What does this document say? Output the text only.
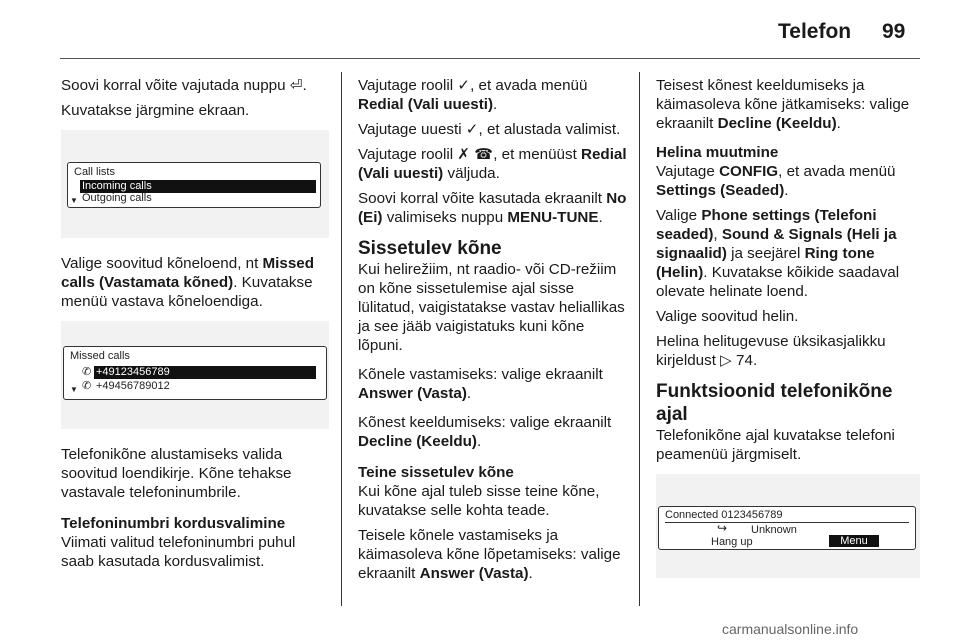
Telefon 99

Soovi korral võite vajutada nuppu ⏎.

Kuvatakse järgmine ekraan.

Call lists
Incoming calls
▼ Outgoing calls

Valige soovitud kõneloend, nt Missed calls (Vastamata kõned). Kuvatakse menüü vastava kõneloendiga.

Missed calls
✆ +49123456789
▼ ✆ +49456789012

Telefonikõne alustamiseks valida soovitud loendikirje. Kõne tehakse vastavale telefoninumbrile.

Telefoninumbri kordusvalimine

Viimati valitud telefoninumbri puhul saab kasutada kordusvalimist.

Vajutage roolil ✓, et avada menüü Redial (Vali uuesti).

Vajutage uuesti ✓, et alustada valimist.

Vajutage roolil ✗ ☎, et menüüst Redial (Vali uuesti) väljuda.

Soovi korral võite kasutada ekraanilt No (Ei) valimiseks nuppu MENU-TUNE.

Sissetulev kõne

Kui helirežiim, nt raadio- või CD-režiim on kõne sissetulemise ajal sisse lülitatud, vaigistatakse vastav heliallikas ja see jääb vaigistatuks kuni kõne lõpuni.

Kõnele vastamiseks: valige ekraanilt Answer (Vasta).

Kõnest keeldumiseks: valige ekraanilt Decline (Keeldu).

Teine sissetulev kõne

Kui kõne ajal tuleb sisse teine kõne, kuvatakse selle kohta teade.

Teisele kõnele vastamiseks ja käimasoleva kõne lõpetamiseks: valige ekraanilt Answer (Vasta).

Teisest kõnest keeldumiseks ja käimasoleva kõne jätkamiseks: valige ekraanilt Decline (Keeldu).

Helina muutmine

Vajutage CONFIG, et avada menüü Settings (Seaded).

Valige Phone settings (Telefoni seaded), Sound & Signals (Heli ja signaalid) ja seejärel Ring tone (Helin). Kuvatakse kõikide saadaval olevate helinate loend.

Valige soovitud helin.

Helina helitugevuse üksikasjalikku kirjeldust ▷ 74.

Funktsioonid telefonikõne ajal

Telefonikõne ajal kuvatakse telefoni peamenüü järgmiselt.

Connected 0123456789
↪ Unknown
Hang up	Menu
carmanualsonline.info
